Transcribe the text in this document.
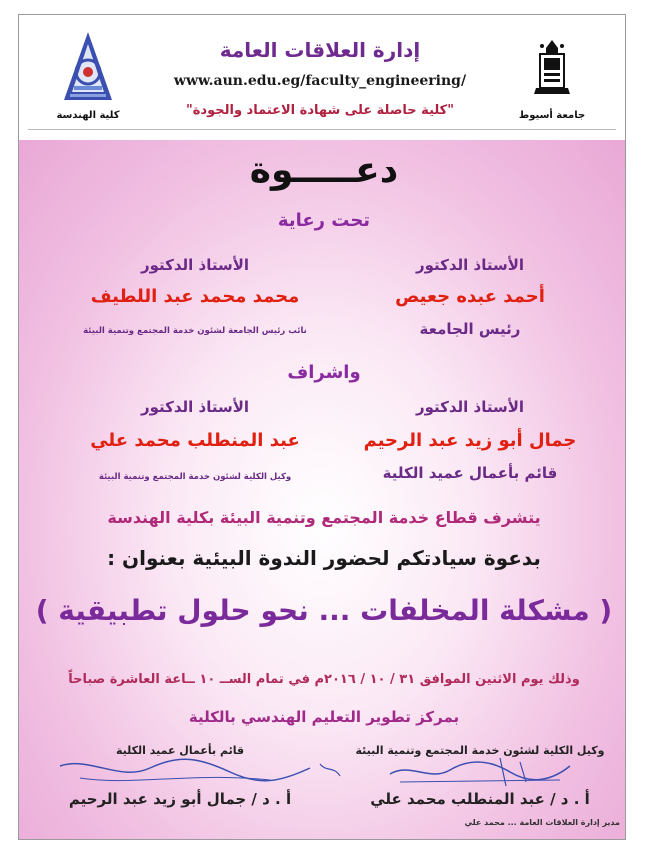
جامعة أسيوط
كلية الهندسة
إدارة العلاقات العامة
www.aun.edu.eg/faculty_engineering/
"كلية حاصلة على شهادة الاعتماد والجودة"
دعـــــوة
تحت رعاية
الأستاذ الدكتور
أحمد عبده جعيص
رئيس الجامعة
الأستاذ الدكتور
محمد محمد عبد اللطيف
نائب رئيس الجامعة لشئون خدمة المجتمع وتنمية البيئة
واشراف
الأستاذ الدكتور
جمال أبو زيد عبد الرحيم
قائم بأعمال عميد الكلية
الأستاذ الدكتور
عبد المنطلب محمد علي
وكيل الكلية لشئون خدمة المجتمع وتنمية البيئة
يتشرف قطاع خدمة المجتمع وتنمية البيئة بكلية الهندسة
بدعوة سيادتكم لحضور الندوة البيئية بعنوان :
( مشكلة المخلفات ... نحو حلول تطبيقية )
وذلك يوم الاثنين الموافق ٣١ / ١٠ / ٢٠١٦م في تمام الســ ١٠ ــاعة العاشرة صباحاً
بمركز تطوير التعليم الهندسي بالكلية
وكيل الكلية لشئون خدمة المجتمع وتنمية البيئة
أ . د / عبد المنطلب محمد علي
قائم بأعمال عميد الكلية
أ . د / جمال أبو زيد عبد الرحيم
مدير إدارة العلاقات العامة ... محمد علي
